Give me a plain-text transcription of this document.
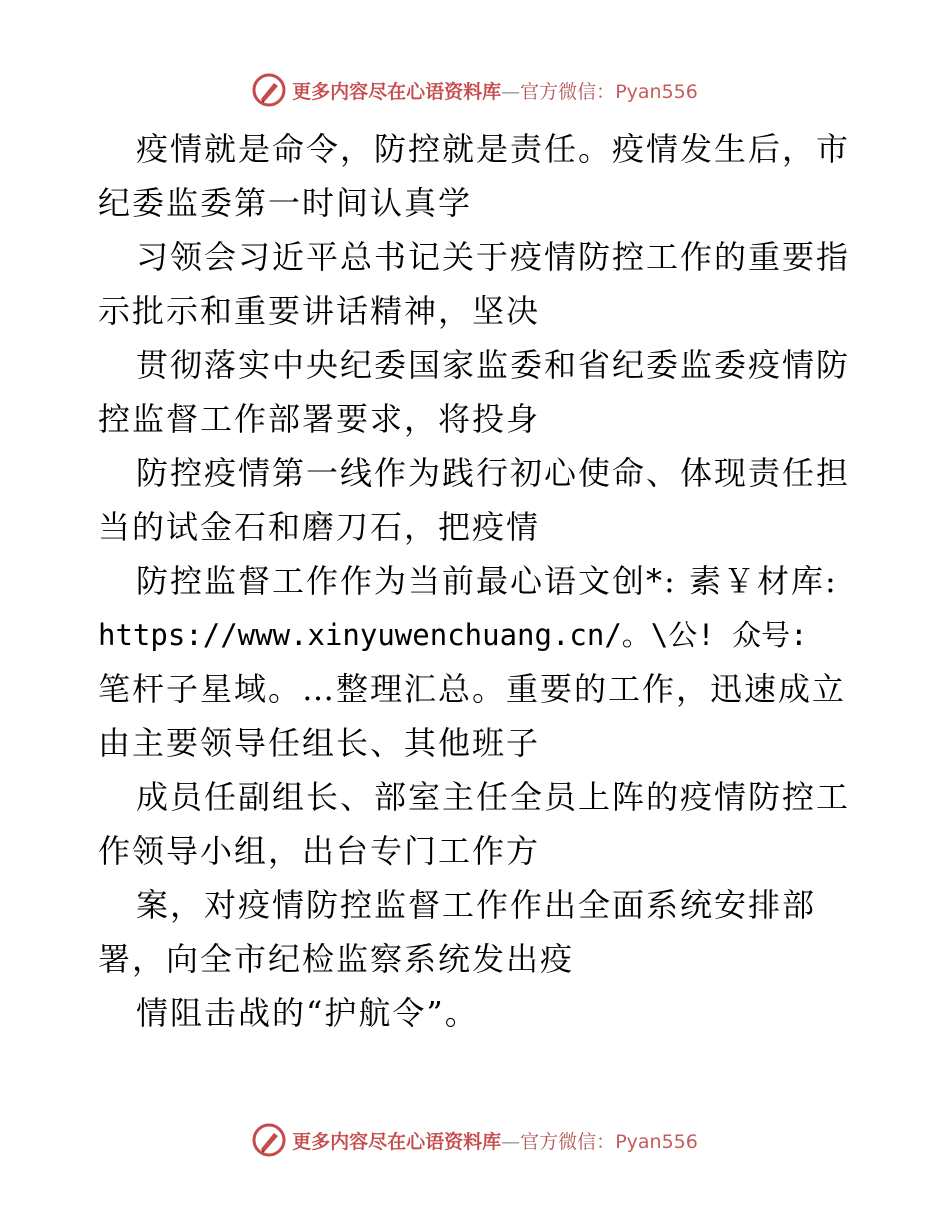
更多内容尽在心语资料库—官方微信：Pyan556
疫情就是命令，防控就是责任。疫情发生后，市
纪委监委第一时间认真学
习领会习近平总书记关于疫情防控工作的重要指
示批示和重要讲话精神，坚决
贯彻落实中央纪委国家监委和省纪委监委疫情防
控监督工作部署要求，将投身
防控疫情第一线作为践行初心使命、体现责任担
当的试金石和磨刀石，把疫情
防控监督工作作为当前最心语文创*: 素￥材库:
https://www.xinyuwenchuang.cn/。\公! 众号:
笔杆子星域。…整理汇总。重要的工作，迅速成立
由主要领导任组长、其他班子
成员任副组长、部室主任全员上阵的疫情防控工
作领导小组，出台专门工作方
案，对疫情防控监督工作作出全面系统安排部
署，向全市纪检监察系统发出疫
情阻击战的“护航令”。
更多内容尽在心语资料库—官方微信：Pyan556
